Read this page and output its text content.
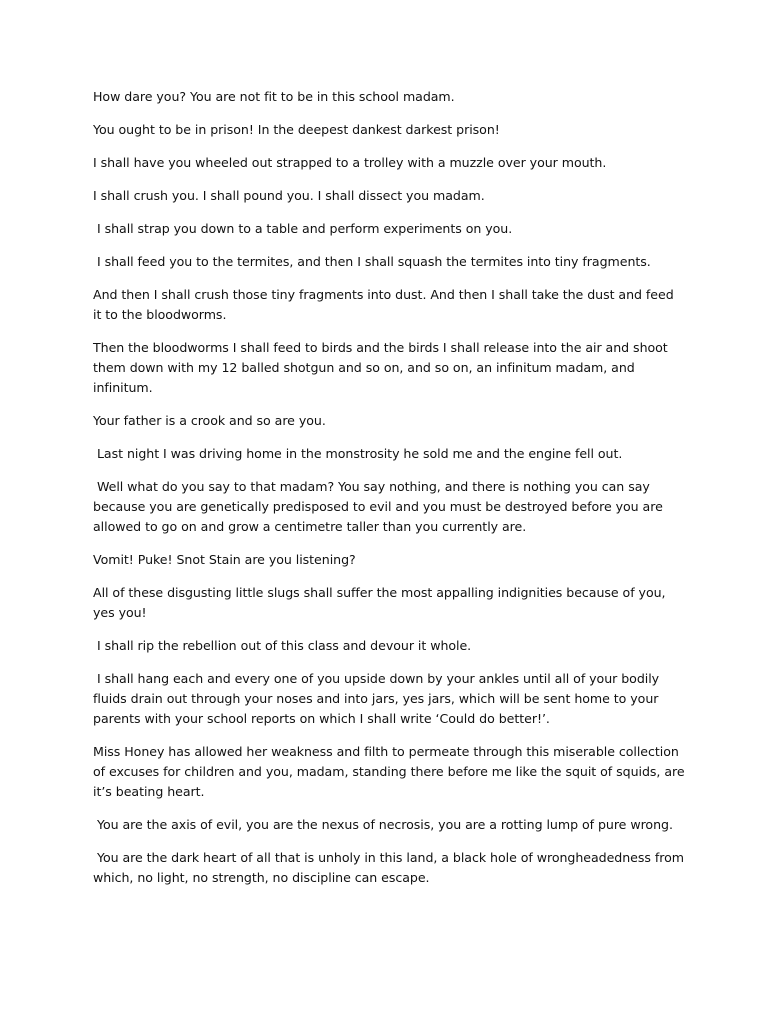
How dare you? You are not fit to be in this school madam.

You ought to be in prison! In the deepest dankest darkest prison!

I shall have you wheeled out strapped to a trolley with a muzzle over your mouth.

I shall crush you. I shall pound you. I shall dissect you madam.

I shall strap you down to a table and perform experiments on you.

I shall feed you to the termites, and then I shall squash the termites into tiny fragments.

And then I shall crush those tiny fragments into dust. And then I shall take the dust and feed it to the bloodworms.

Then the bloodworms I shall feed to birds and the birds I shall release into the air and shoot them down with my 12 balled shotgun and so on, and so on, an infinitum madam, and infinitum.

Your father is a crook and so are you.

Last night I was driving home in the monstrosity he sold me and the engine fell out.

Well what do you say to that madam? You say nothing, and there is nothing you can say because you are genetically predisposed to evil and you must be destroyed before you are allowed to go on and grow a centimetre taller than you currently are.

Vomit! Puke! Snot Stain are you listening?

All of these disgusting little slugs shall suffer the most appalling indignities because of you, yes you!

I shall rip the rebellion out of this class and devour it whole.

I shall hang each and every one of you upside down by your ankles until all of your bodily fluids drain out through your noses and into jars, yes jars, which will be sent home to your parents with your school reports on which I shall write ‘Could do better!’.

Miss Honey has allowed her weakness and filth to permeate through this miserable collection of excuses for children and you, madam, standing there before me like the squit of squids, are it’s beating heart.

You are the axis of evil, you are the nexus of necrosis, you are a rotting lump of pure wrong.

You are the dark heart of all that is unholy in this land, a black hole of wrongheadedness from which, no light, no strength, no discipline can escape.
